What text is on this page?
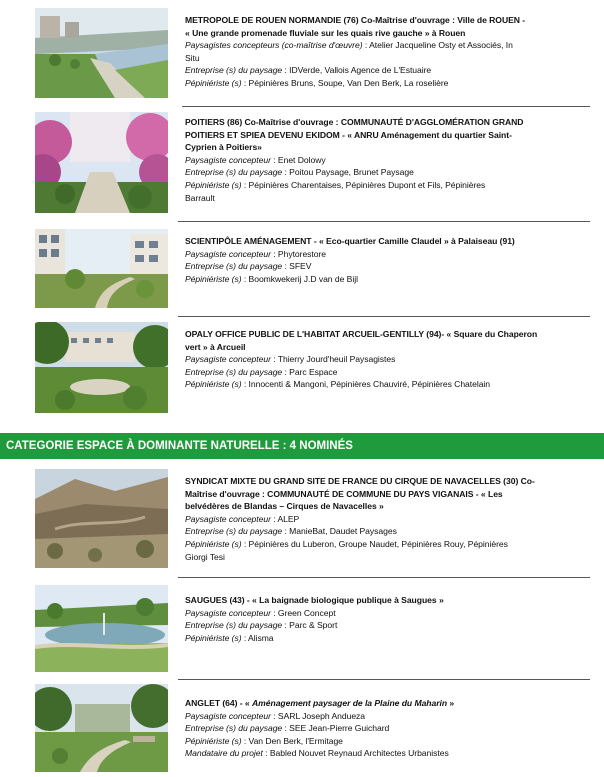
METROPOLE DE ROUEN NORMANDIE (76) Co-Maîtrise d'ouvrage : Ville de ROUEN -
« Une grande promenade fluviale sur les quais rive gauche » à Rouen
Paysagistes concepteurs (co-maîtrise d'œuvre) : Atelier Jacqueline Osty et Associés, In
Situ
Entreprise (s) du paysage : IDVerde, Vallois Agence de L'Estuaire
Pépiniériste (s) : Pépinières Bruns, Soupe, Van Den Berk, La roselière
POITIERS (86) Co-Maîtrise d'ouvrage : COMMUNAUTÉ D'AGGLOMÉRATION GRAND
POITIERS ET SPIEA DEVENU EKIDOM - « ANRU Aménagement du quartier Saint-
Cyprien à Poitiers»
Paysagiste concepteur : Enet Dolowy
Entreprise (s) du paysage : Poitou Paysage, Brunet Paysage
Pépiniériste (s) : Pépinières Charentaises, Pépinières Dupont et Fils, Pépinières
Barrault
SCIENTIPÔLE AMÉNAGEMENT - « Eco-quartier Camille Claudel » à Palaiseau (91)
Paysagiste concepteur : Phytorestore
Entreprise (s) du paysage : SFEV
Pépiniériste (s) : Boomkwekerij J.D van de Bijl
OPALY OFFICE PUBLIC DE L'HABITAT ARCUEIL-GENTILLY (94)- « Square du Chaperon
vert » à Arcueil
Paysagiste concepteur : Thierry Jourd'heuil Paysagistes
Entreprise (s) du paysage : Parc Espace
Pépiniériste (s) : Innocenti & Mangoni, Pépinières Chauviré, Pépinières Chatelain
CATEGORIE ESPACE À DOMINANTE NATURELLE : 4 NOMINÉS
SYNDICAT MIXTE DU GRAND SITE DE FRANCE DU CIRQUE DE NAVACELLES (30) Co-
Maîtrise d'ouvrage : COMMUNAUTÉ DE COMMUNE DU PAYS VIGANAIS - « Les
belvédères de Blandas – Cirques de Navacelles »
Paysagiste concepteur : ALEP
Entreprise (s) du paysage : ManieBat, Daudet Paysages
Pépiniériste (s) : Pépinières du Luberon, Groupe Naudet, Pépinières Rouy, Pépinières
Giorgi Tesi
SAUGUES (43) - « La baignade biologique publique à Saugues »
Paysagiste concepteur : Green Concept
Entreprise (s) du paysage : Parc & Sport
Pépiniériste (s) : Alisma
ANGLET (64) - « Aménagement paysager de la Plaine du Maharin »
Paysagiste concepteur : SARL Joseph Andueza
Entreprise (s) du paysage : SEE Jean-Pierre Guichard
Pépiniériste (s) : Van Den Berk, l'Ermitage
Mandataire du projet : Babled Nouvet Reynaud Architectes Urbanistes
